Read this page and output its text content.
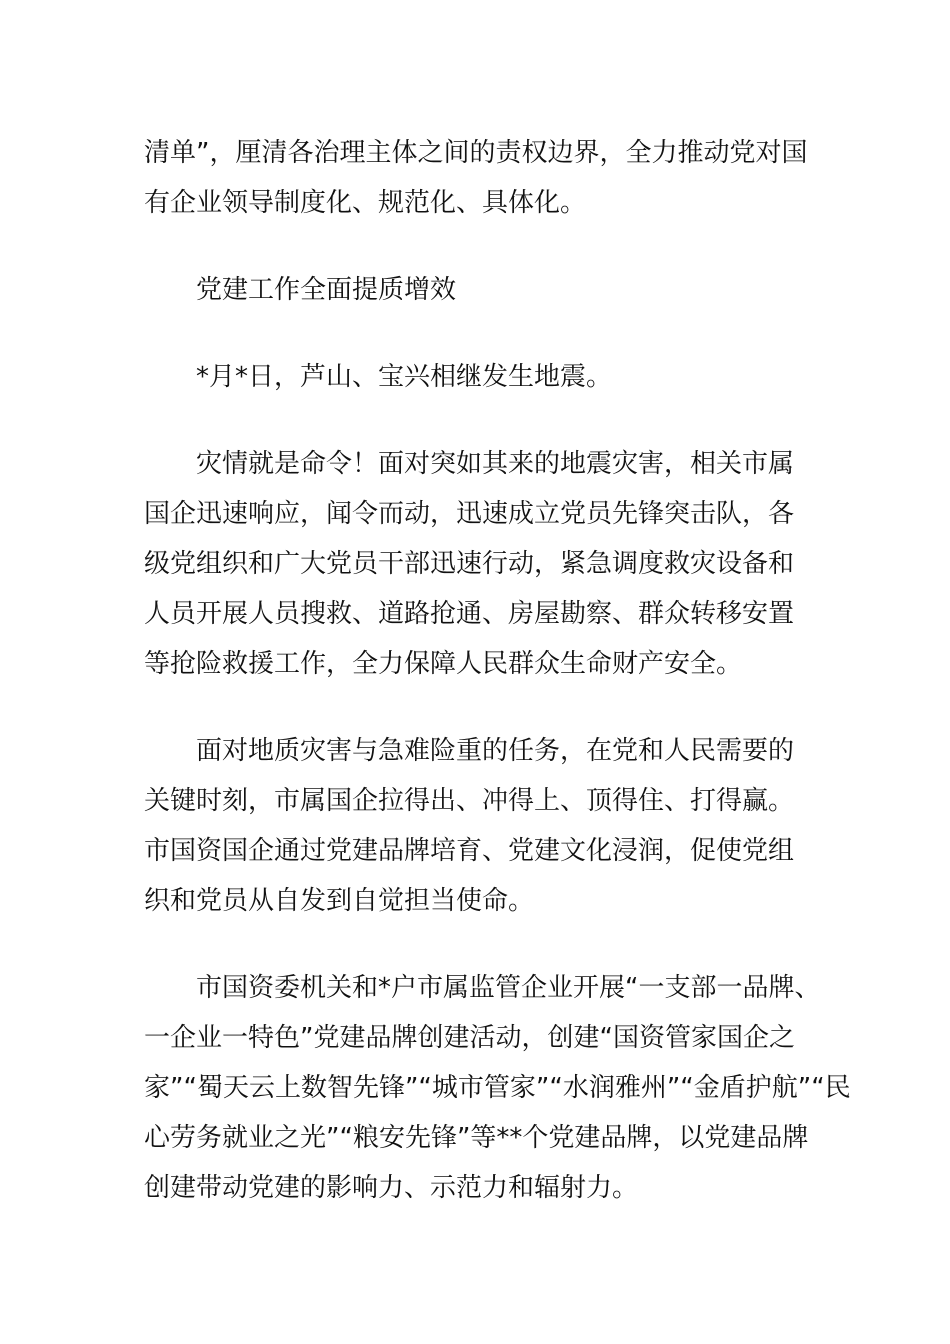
清单”，厘清各治理主体之间的责权边界，全力推动党对国
有企业领导制度化、规范化、具体化。
党建工作全面提质增效
*月*日，芦山、宝兴相继发生地震。
灾情就是命令！面对突如其来的地震灾害，相关市属
国企迅速响应，闻令而动，迅速成立党员先锋突击队，各
级党组织和广大党员干部迅速行动，紧急调度救灾设备和
人员开展人员搜救、道路抢通、房屋勘察、群众转移安置
等抢险救援工作，全力保障人民群众生命财产安全。
面对地质灾害与急难险重的任务，在党和人民需要的
关键时刻，市属国企拉得出、冲得上、顶得住、打得赢。
市国资国企通过党建品牌培育、党建文化浸润，促使党组
织和党员从自发到自觉担当使命。
市国资委机关和*户市属监管企业开展“一支部一品牌、
一企业一特色”党建品牌创建活动，创建“国资管家国企之
家”“蜀天云上数智先锋”“城市管家”“水润雅州”“金盾护航”“民
心劳务就业之光”“粮安先锋”等**个党建品牌，以党建品牌
创建带动党建的影响力、示范力和辐射力。
